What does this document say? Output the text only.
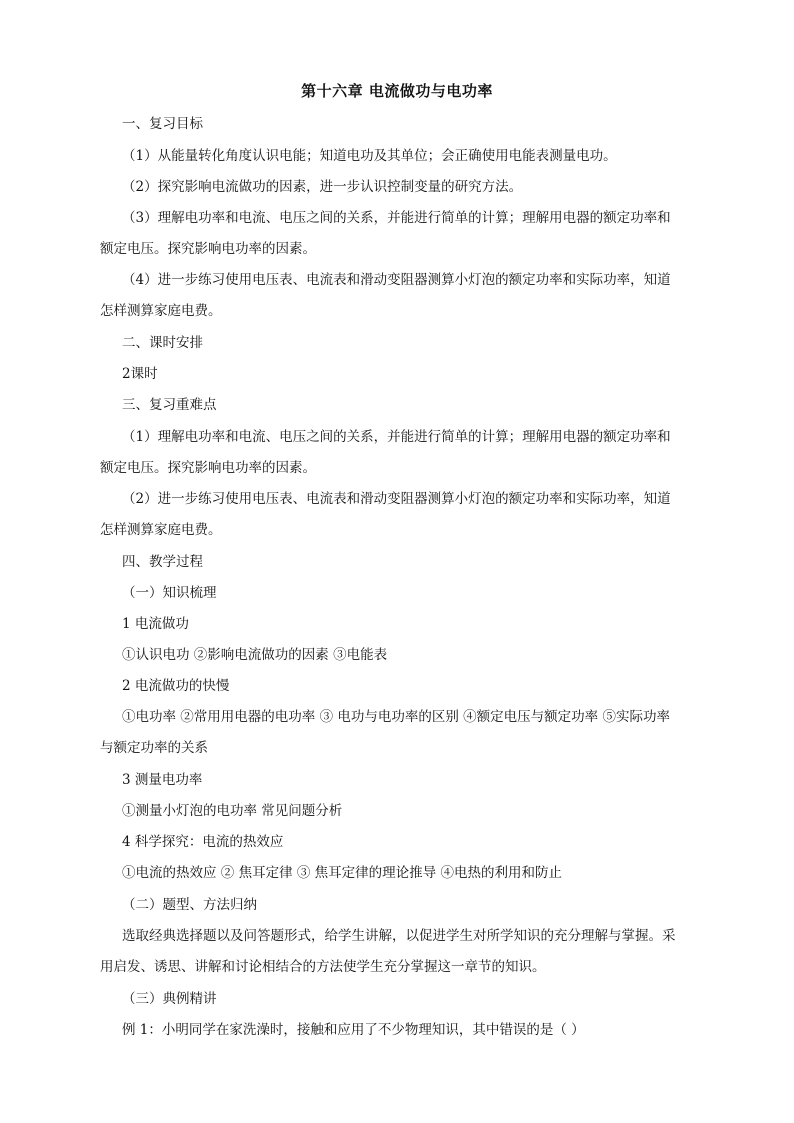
第十六章 电流做功与电功率
一、复习目标
（1）从能量转化角度认识电能；知道电功及其单位；会正确使用电能表测量电功。
（2）探究影响电流做功的因素，进一步认识控制变量的研究方法。
（3）理解电功率和电流、电压之间的关系，并能进行简单的计算；理解用电器的额定功率和
额定电压。探究影响电功率的因素。
（4）进一步练习使用电压表、电流表和滑动变阻器测算小灯泡的额定功率和实际功率，知道
怎样测算家庭电费。
二、课时安排
2课时
三、复习重难点
（1）理解电功率和电流、电压之间的关系，并能进行简单的计算；理解用电器的额定功率和
额定电压。探究影响电功率的因素。
（2）进一步练习使用电压表、电流表和滑动变阻器测算小灯泡的额定功率和实际功率，知道
怎样测算家庭电费。
四、教学过程
（一）知识梳理
1 电流做功
①认识电功 ②影响电流做功的因素 ③电能表
2 电流做功的快慢
①电功率 ②常用用电器的电功率 ③ 电功与电功率的区别 ④额定电压与额定功率 ⑤实际功率
与额定功率的关系
3 测量电功率
①测量小灯泡的电功率 常见问题分析
4 科学探究：电流的热效应
①电流的热效应 ② 焦耳定律 ③ 焦耳定律的理论推导 ④电热的利用和防止
（二）题型、方法归纳
选取经典选择题以及问答题形式，给学生讲解，以促进学生对所学知识的充分理解与掌握。采
用启发、诱思、讲解和讨论相结合的方法使学生充分掌握这一章节的知识。
（三）典例精讲
例 1：小明同学在家洗澡时，接触和应用了不少物理知识，其中错误的是（ ）
